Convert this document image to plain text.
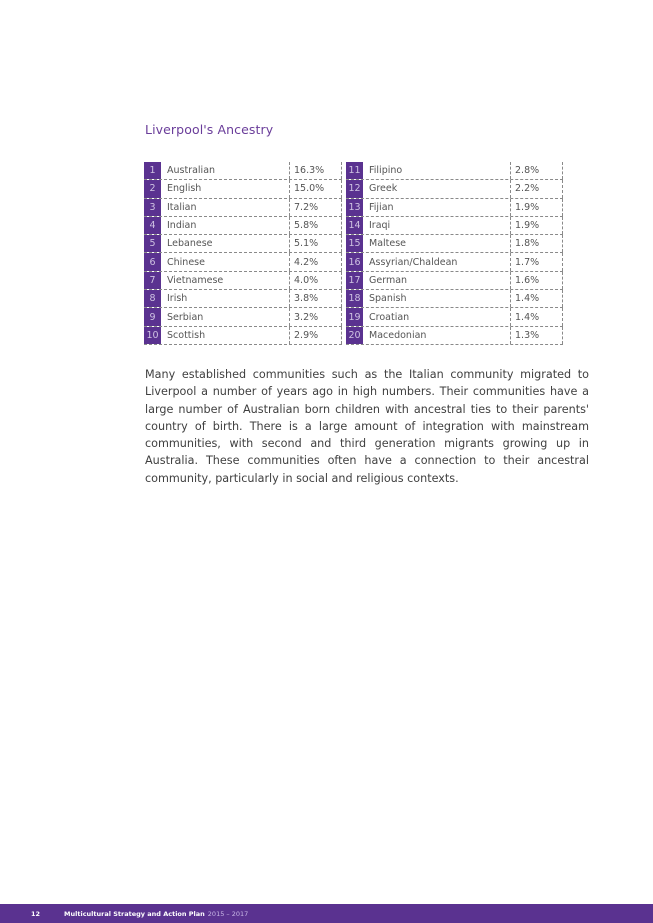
Liverpool's Ancestry
1	Australian	16.3%
2	English	15.0%
3	Italian	7.2%
4	Indian	5.8%
5	Lebanese	5.1%
6	Chinese	4.2%
7	Vietnamese	4.0%
8	Irish	3.8%
9	Serbian	3.2%
10 Scottish	2.9%
11 Filipino	2.8%
12 Greek	2.2%
13 Fijian	1.9%
14 Iraqi	1.9%
15 Maltese	1.8%
16 Assyrian/Chaldean	1.7%
17 German	1.6%
18 Spanish	1.4%
19 Croatian	1.4%
20 Macedonian	1.3%

Many established communities such as the Italian community migrated to Liverpool a number of years ago in high numbers. Their communities have a large number of Australian born children with ancestral ties to their parents' country of birth. There is a large amount of integration with mainstream communities, with second and third generation migrants growing up in Australia. These communities often have a connection to their ancestral community, particularly in social and religious contexts.

12	Multicultural Strategy and Action Plan 2015 – 2017
